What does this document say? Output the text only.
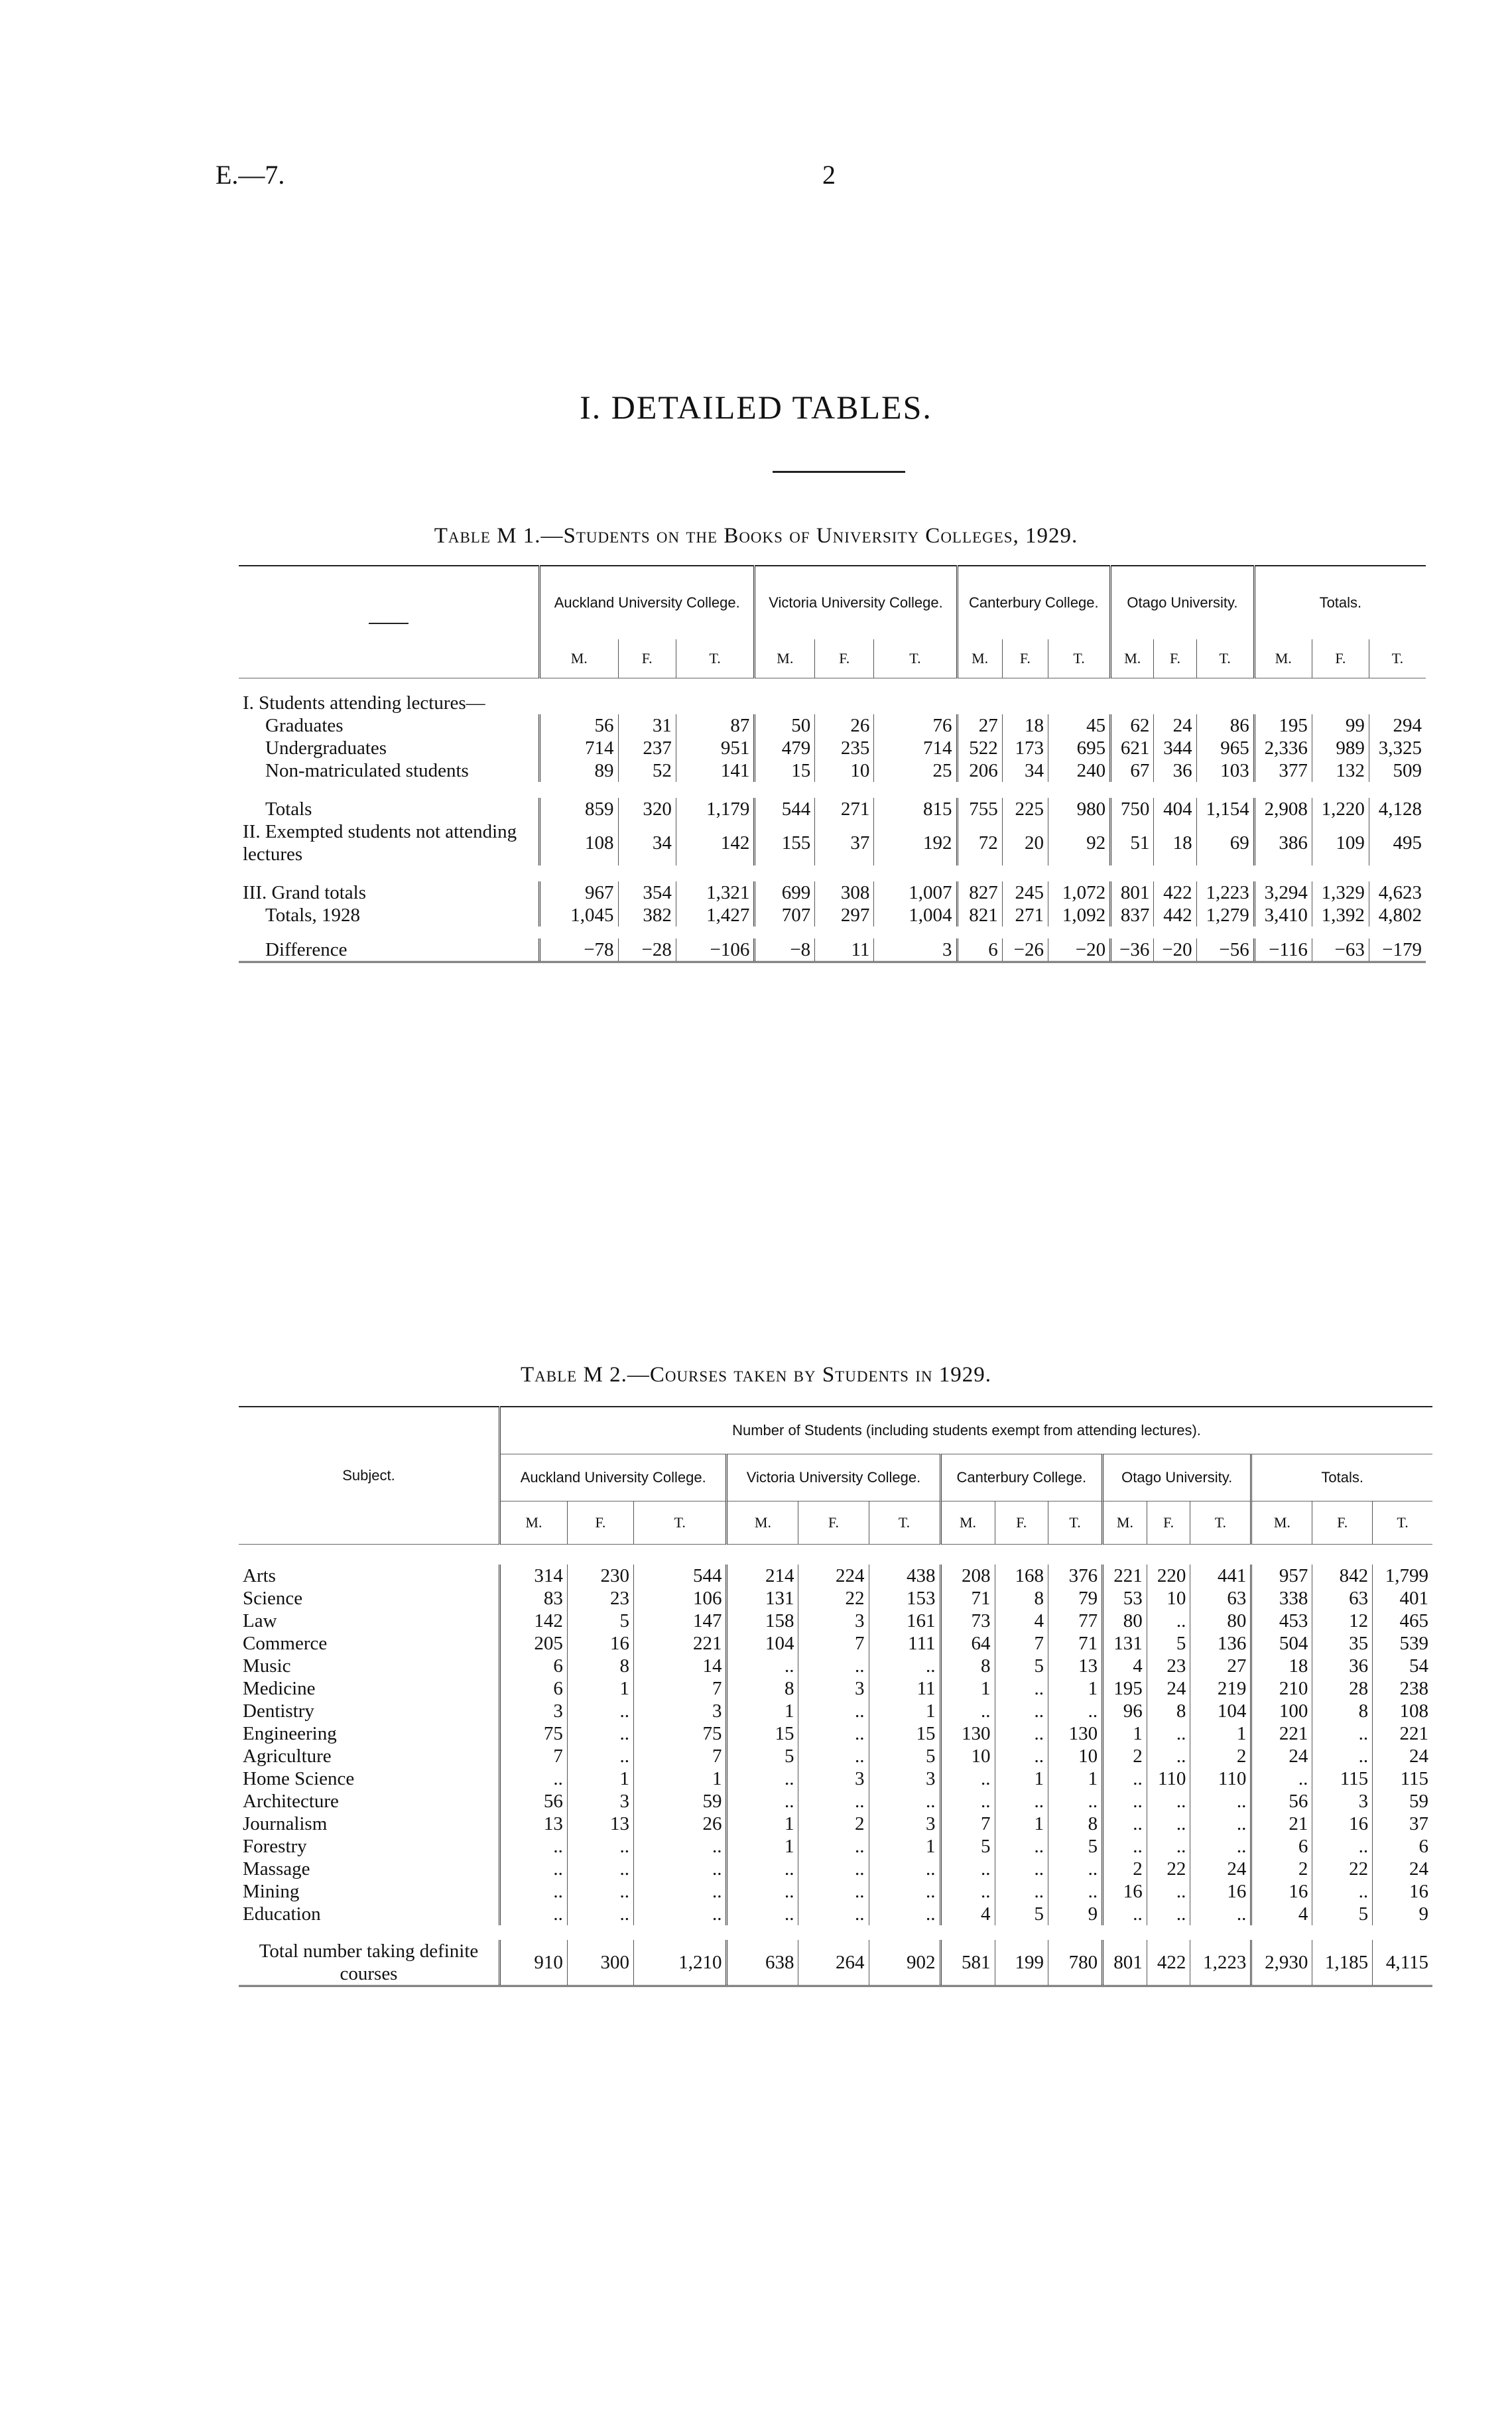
E.—7.	2
I. DETAILED TABLES.
Table M 1.—Students on the Books of University Colleges, 1929.
	Auckland University College.			Victoria University College.			Canterbury College.			Otago University.			Totals.		
	M.	F.	T.	M.	F.	T.	M.	F.	T.	M.	F.	T.	M.	F.	T.

I. Students attending lectures—															
Graduates	56	31	87	50	26	76	27	18	45	62	24	86	195	99	294
Undergraduates	714	237	951	479	235	714	522	173	695	621	344	965	2,336	989	3,325
Non-matriculated students	89	52	141	15	10	25	206	34	240	67	36	103	377	132	509

Totals	859	320	1,179	544	271	815	755	225	980	750	404	1,154	2,908	1,220	4,128
II. Exempted students not attending lectures	108	34	142	155	37	192	72	20	92	51	18	69	386	109	495

III. Grand totals	967	354	1,321	699	308	1,007	827	245	1,072	801	422	1,223	3,294	1,329	4,623
Totals, 1928	1,045	382	1,427	707	297	1,004	821	271	1,092	837	442	1,279	3,410	1,392	4,802

Difference	−78	−28	−106	−8	11	3	6	−26	−20	−36	−20	−56	−116	−63	−179
Table M 2.—Courses taken by Students in 1929.
Subject.	Number of Students (including students exempt from attending lectures).														
	Auckland University College.			Victoria University College.			Canterbury College.			Otago University.			Totals.		
	M.	F.	T.	M.	F.	T.	M.	F.	T.	M.	F.	T.	M.	F.	T.

Arts	314	230	544	214	224	438	208	168	376	221	220	441	957	842	1,799
Science	83	23	106	131	22	153	71	8	79	53	10	63	338	63	401
Law	142	5	147	158	3	161	73	4	77	80	..	80	453	12	465
Commerce	205	16	221	104	7	111	64	7	71	131	5	136	504	35	539
Music	6	8	14	..	..	..	8	5	13	4	23	27	18	36	54
Medicine	6	1	7	8	3	11	1	..	1	195	24	219	210	28	238
Dentistry	3	..	3	1	..	1	..	..	..	96	8	104	100	8	108
Engineering	75	..	75	15	..	15	130	..	130	1	..	1	221	..	221
Agriculture	7	..	7	5	..	5	10	..	10	2	..	2	24	..	24
Home Science	..	1	1	..	3	3	..	1	1	..	110	110	..	115	115
Architecture	56	3	59	..	..	..	..	..	..	..	..	..	56	3	59
Journalism	13	13	26	1	2	3	7	1	8	..	..	..	21	16	37
Forestry	..	..	..	1	..	1	5	..	5	..	..	..	6	..	6
Massage	..	..	..	..	..	..	..	..	..	2	22	24	2	22	24
Mining	..	..	..	..	..	..	..	..	..	16	..	16	16	..	16
Education	..	..	..	..	..	..	4	5	9	..	..	..	4	5	9

Total number taking definite courses	910	300	1,210	638	264	902	581	199	780	801	422	1,223	2,930	1,185	4,115
